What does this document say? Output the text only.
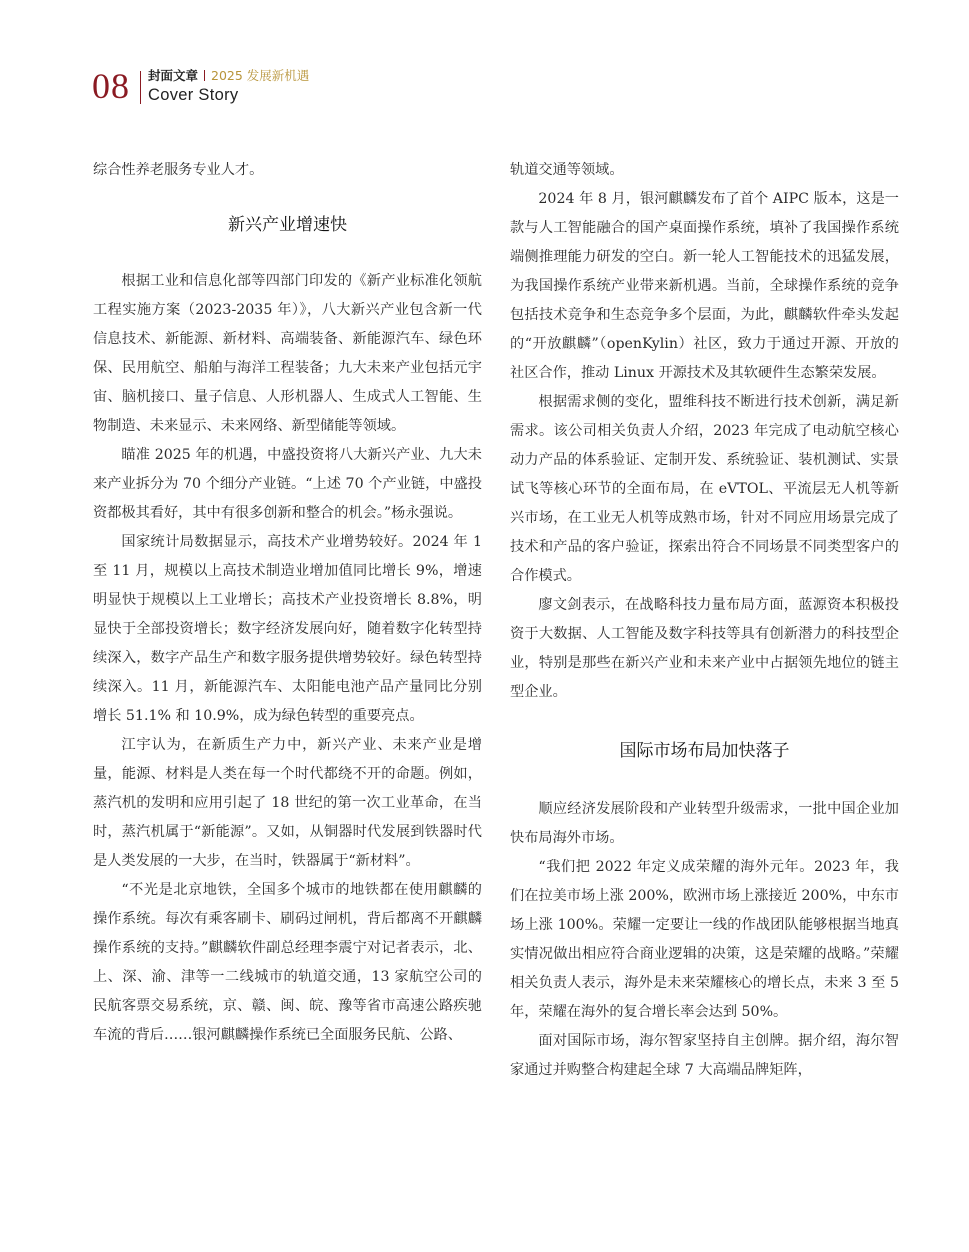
08 封面文章 2025 发展新机遇
Cover Story

综合性养老服务专业人才。

新兴产业增速快

根据工业和信息化部等四部门印发的《新产业标准化领航工程实施方案（2023-2035 年）》，八大新兴产业包含新一代信息技术、新能源、新材料、高端装备、新能源汽车、绿色环保、民用航空、船舶与海洋工程装备；九大未来产业包括元宇宙、脑机接口、量子信息、人形机器人、生成式人工智能、生物制造、未来显示、未来网络、新型储能等领域。

瞄准 2025 年的机遇，中盛投资将八大新兴产业、九大未来产业拆分为 70 个细分产业链。“上述 70 个产业链，中盛投资都极其看好，其中有很多创新和整合的机会。”杨永强说。

国家统计局数据显示，高技术产业增势较好。2024 年 1 至 11 月，规模以上高技术制造业增加值同比增长 9%，增速明显快于规模以上工业增长；高技术产业投资增长 8.8%，明显快于全部投资增长；数字经济发展向好，随着数字化转型持续深入，数字产品生产和数字服务提供增势较好。绿色转型持续深入。11 月，新能源汽车、太阳能电池产品产量同比分别增长 51.1% 和 10.9%，成为绿色转型的重要亮点。

江宇认为，在新质生产力中，新兴产业、未来产业是增量，能源、材料是人类在每一个时代都绕不开的命题。例如，蒸汽机的发明和应用引起了 18 世纪的第一次工业革命，在当时，蒸汽机属于“新能源”。又如，从铜器时代发展到铁器时代是人类发展的一大步，在当时，铁器属于“新材料”。

“不光是北京地铁，全国多个城市的地铁都在使用麒麟的操作系统。每次有乘客刷卡、刷码过闸机，背后都离不开麒麟操作系统的支持。”麒麟软件副总经理李震宁对记者表示，北、上、深、渝、津等一二线城市的轨道交通，13 家航空公司的民航客票交易系统，京、赣、闽、皖、豫等省市高速公路疾驰车流的背后……银河麒麟操作系统已全面服务民航、公路、

轨道交通等领域。

2024 年 8 月，银河麒麟发布了首个 AIPC 版本，这是一款与人工智能融合的国产桌面操作系统，填补了我国操作系统端侧推理能力研发的空白。新一轮人工智能技术的迅猛发展，为我国操作系统产业带来新机遇。当前，全球操作系统的竞争包括技术竞争和生态竞争多个层面，为此，麒麟软件牵头发起的“开放麒麟”（openKylin）社区，致力于通过开源、开放的社区合作，推动 Linux 开源技术及其软硬件生态繁荣发展。

根据需求侧的变化，盟维科技不断进行技术创新，满足新需求。该公司相关负责人介绍，2023 年完成了电动航空核心动力产品的体系验证、定制开发、系统验证、装机测试、实景试飞等核心环节的全面布局，在 eVTOL、平流层无人机等新兴市场，在工业无人机等成熟市场，针对不同应用场景完成了技术和产品的客户验证，探索出符合不同场景不同类型客户的合作模式。

廖文剑表示，在战略科技力量布局方面，蓝源资本积极投资于大数据、人工智能及数字科技等具有创新潜力的科技型企业，特别是那些在新兴产业和未来产业中占据领先地位的链主型企业。

国际市场布局加快落子

顺应经济发展阶段和产业转型升级需求，一批中国企业加快布局海外市场。

“我们把 2022 年定义成荣耀的海外元年。2023 年，我们在拉美市场上涨 200%，欧洲市场上涨接近 200%，中东市场上涨 100%。荣耀一定要让一线的作战团队能够根据当地真实情况做出相应符合商业逻辑的决策，这是荣耀的战略。”荣耀相关负责人表示，海外是未来荣耀核心的增长点，未来 3 至 5 年，荣耀在海外的复合增长率会达到 50%。

面对国际市场，海尔智家坚持自主创牌。据介绍，海尔智家通过并购整合构建起全球 7 大高端品牌矩阵，
